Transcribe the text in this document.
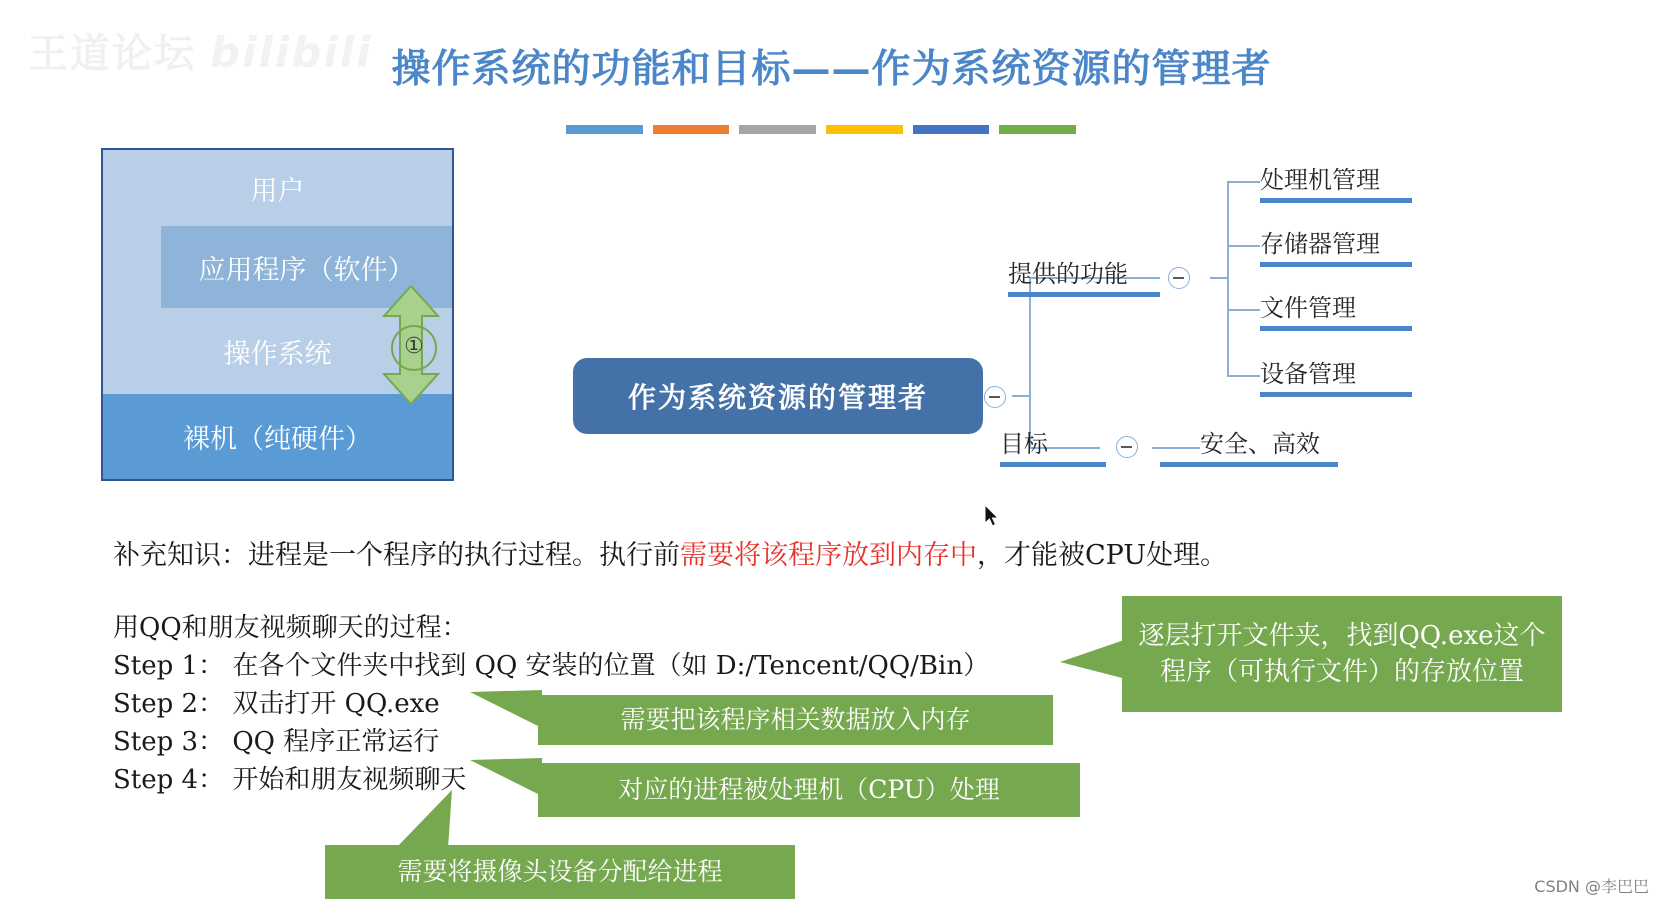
王道论坛 bilibili 操作系统的功能和目标——作为系统资源的管理者
用户
应用程序（软件）
操作系统
裸机（纯硬件）
①
作为系统资源的管理者
提供的功能
处理机管理
存储器管理
文件管理
设备管理
目标	安全、高效
补充知识：进程是一个程序的执行过程。执行前需要将该程序放到内存中，才能被CPU处理。
用QQ和朋友视频聊天的过程：
Step 1： 在各个文件夹中找到 QQ 安装的位置（如 D:/Tencent/QQ/Bin）
Step 2： 双击打开 QQ.exe
Step 3： QQ 程序正常运行
Step 4： 开始和朋友视频聊天
逐层打开文件夹，找到QQ.exe这个程序（可执行文件）的存放位置
需要把该程序相关数据放入内存
对应的进程被处理机（CPU）处理
需要将摄像头设备分配给进程
CSDN @李巴巴
